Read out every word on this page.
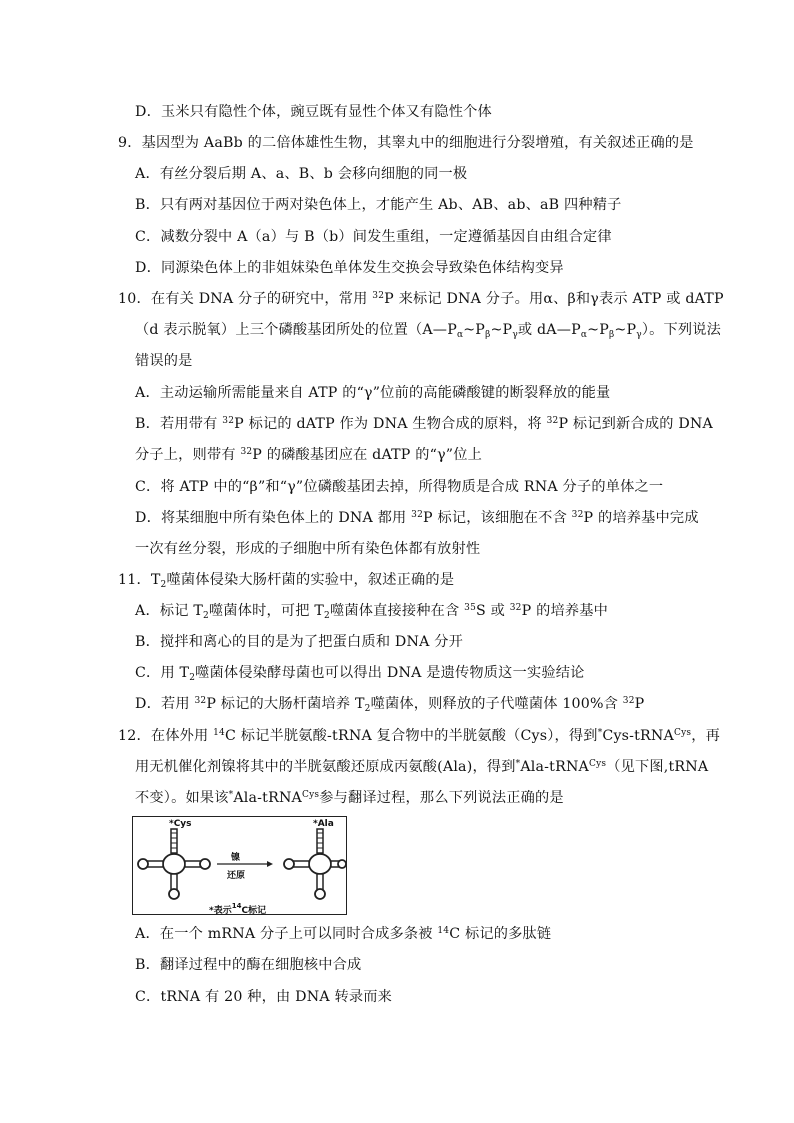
D．玉米只有隐性个体，豌豆既有显性个体又有隐性个体
9．基因型为 AaBb 的二倍体雄性生物，其睾丸中的细胞进行分裂增殖，有关叙述正确的是
A．有丝分裂后期 A、a、B、b 会移向细胞的同一极
B．只有两对基因位于两对染色体上，才能产生 Ab、AB、ab、aB 四种精子
C．减数分裂中 A（a）与 B（b）间发生重组，一定遵循基因自由组合定律
D．同源染色体上的非姐妹染色单体发生交换会导致染色体结构变异
10．在有关 DNA 分子的研究中，常用 $^{32}$P 来标记 DNA 分子。用α、β和γ表示 ATP 或 dATP
（d 表示脱氧）上三个磷酸基团所处的位置（$A—P_\alpha\sim P_\beta\sim P_\gamma$或 $dA—P_\alpha\sim P_\beta\sim P_\gamma$）。下列说法
错误的是
A．主动运输所需能量来自 ATP 的“γ”位前的高能磷酸键的断裂释放的能量
B．若用带有 $^{32}$P 标记的 dATP 作为 DNA 生物合成的原料，将 $^{32}$P 标记到新合成的 DNA
分子上，则带有 $^{32}$P 的磷酸基团应在 dATP 的“γ”位上
C．将 ATP 中的“β”和“γ”位磷酸基团去掉，所得物质是合成 RNA 分子的单体之一
D．将某细胞中所有染色体上的 DNA 都用 $^{32}$P 标记，该细胞在不含 $^{32}$P 的培养基中完成
一次有丝分裂，形成的子细胞中所有染色体都有放射性
11．$T_2$噬菌体侵染大肠杆菌的实验中，叙述正确的是
A．标记 $T_2$噬菌体时，可把 $T_2$噬菌体直接接种在含 $^{35}$S 或 $^{32}$P 的培养基中
B．搅拌和离心的目的是为了把蛋白质和 DNA 分开
C．用 $T_2$噬菌体侵染酵母菌也可以得出 DNA 是遗传物质这一实验结论
D．若用 $^{32}$P 标记的大肠杆菌培养 $T_2$噬菌体，则释放的子代噬菌体 100%含 $^{32}$P
12．在体外用 $^{14}$C 标记半胱氨酸-tRNA 复合物中的半胱氨酸（Cys），得到*Cys-tRNA$^{Cys}$，再
用无机催化剂镍将其中的半胱氨酸还原成丙氨酸(Ala)，得到*Ala-tRNA$^{Cys}$（见下图,tRNA
不变）。如果该*Ala-tRNA$^{Cys}$参与翻译过程，那么下列说法正确的是
*Cys	*Ala
镍
还原
*表示$^{14}$C标记
A．在一个 mRNA 分子上可以同时合成多条被 $^{14}$C 标记的多肽链
B．翻译过程中的酶在细胞核中合成
C．tRNA 有 20 种，由 DNA 转录而来
